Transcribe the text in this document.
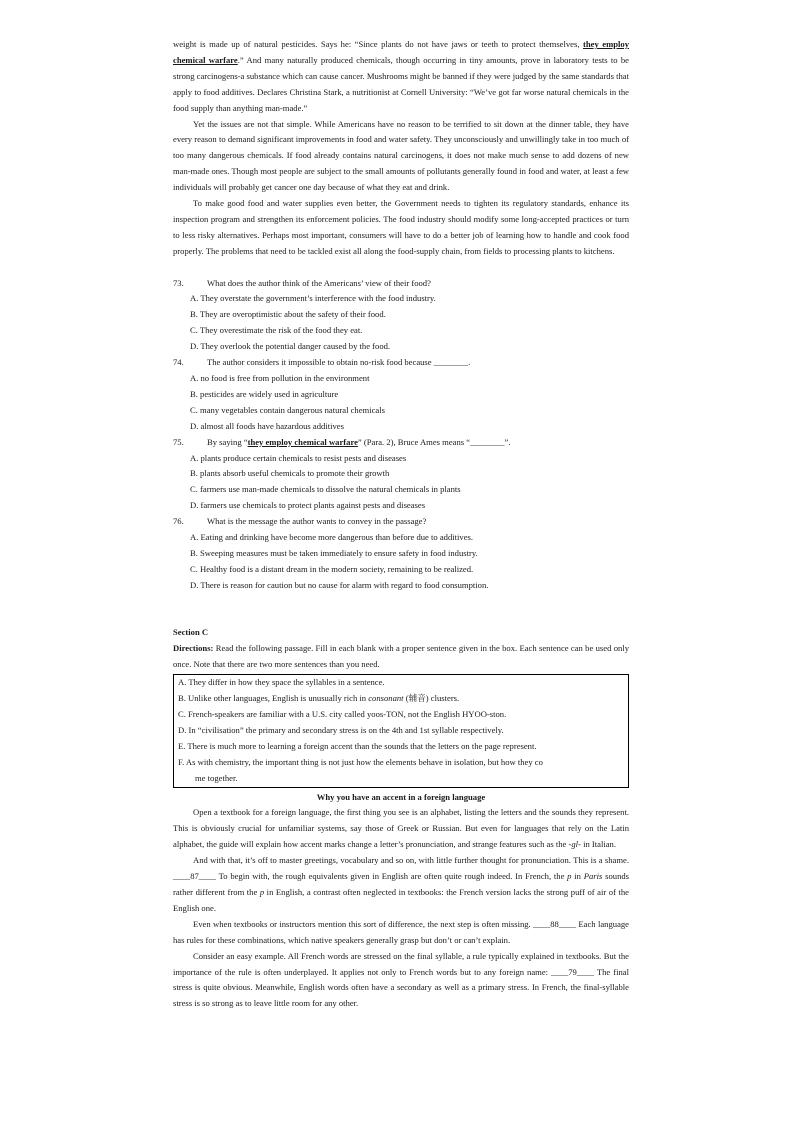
weight is made up of natural pesticides. Says he: “Since plants do not have jaws or teeth to protect themselves, they employ chemical warfare.” And many naturally produced chemicals, though occurring in tiny amounts, prove in laboratory tests to be strong carcinogens-a substance which can cause cancer. Mushrooms might be banned if they were judged by the same standards that apply to food additives. Declares Christina Stark, a nutritionist at Cornell University: “We’ve got far worse natural chemicals in the food supply than anything man-made.”

Yet the issues are not that simple. While Americans have no reason to be terrified to sit down at the dinner table, they have every reason to demand significant improvements in food and water safety. They unconsciously and unwillingly take in too much of too many dangerous chemicals. If food already contains natural carcinogens, it does not make much sense to add dozens of new man-made ones. Though most people are subject to the small amounts of pollutants generally found in food and water, at least a few individuals will probably get cancer one day because of what they eat and drink.

To make good food and water supplies even better, the Government needs to tighten its regulatory standards, enhance its inspection program and strengthen its enforcement policies. The food industry should modify some long-accepted practices or turn to less risky alternatives. Perhaps most important, consumers will have to do a better job of learning how to handle and cook food properly. The problems that need to be tackled exist all along the food-supply chain, from fields to processing plants to kitchens.

73.	What does the author think of the Americans’ view of their food?

A. They overstate the government’s interference with the food industry.

B. They are overoptimistic about the safety of their food.

C. They overestimate the risk of the food they eat.

D. They overlook the potential danger caused by the food.

74.	The author considers it impossible to obtain no-risk food because ________.

A. no food is free from pollution in the environment

B. pesticides are widely used in agriculture

C. many vegetables contain dangerous natural chemicals

D. almost all foods have hazardous additives

75.	By saying “they employ chemical warfare” (Para. 2), Bruce Ames means “________”.

A. plants produce certain chemicals to resist pests and diseases

B. plants absorb useful chemicals to promote their growth

C. farmers use man-made chemicals to dissolve the natural chemicals in plants

D. farmers use chemicals to protect plants against pests and diseases

76.	What is the message the author wants to convey in the passage?

A. Eating and drinking have become more dangerous than before due to additives.

B. Sweeping measures must be taken immediately to ensure safety in food industry.

C. Healthy food is a distant dream in the modern society, remaining to be realized.

D. There is reason for caution but no cause for alarm with regard to food consumption.

Section C

Directions: Read the following passage. Fill in each blank with a proper sentence given in the box. Each sentence can be used only once. Note that there are two more sentences than you need.

A. They differ in how they space the syllables in a sentence.

B. Unlike other languages, English is unusually rich in consonant (辅音) clusters.

C. French-speakers are familiar with a U.S. city called yoos-TON, not the English HYOO-ston.

D. In “civilisation” the primary and secondary stress is on the 4th and 1st syllable respectively.

E. There is much more to learning a foreign accent than the sounds that the letters on the page represent.

F. As with chemistry, the important thing is not just how the elements behave in isolation, but how they co

me together.

Why you have an accent in a foreign language

Open a textbook for a foreign language, the first thing you see is an alphabet, listing the letters and the sounds they represent. This is obviously crucial for unfamiliar systems, say those of Greek or Russian. But even for languages that rely on the Latin alphabet, the guide will explain how accent marks change a letter’s pronunciation, and strange features such as the -gl- in Italian.

And with that, it’s off to master greetings, vocabulary and so on, with little further thought for pronunciation. This is a shame. ____87____ To begin with, the rough equivalents given in English are often quite rough indeed. In French, the p in Paris sounds rather different from the p in English, a contrast often neglected in textbooks: the French version lacks the strong puff of air of the English one.

Even when textbooks or instructors mention this sort of difference, the next step is often missing. ____88____ Each language has rules for these combinations, which native speakers generally grasp but don’t or can’t explain.

Consider an easy example. All French words are stressed on the final syllable, a rule typically explained in textbooks. But the importance of the rule is often underplayed. It applies not only to French words but to any foreign name: ____79____ The final stress is quite obvious. Meanwhile, English words often have a secondary as well as a primary stress. In French, the final-syllable stress is so strong as to leave little room for any other.
